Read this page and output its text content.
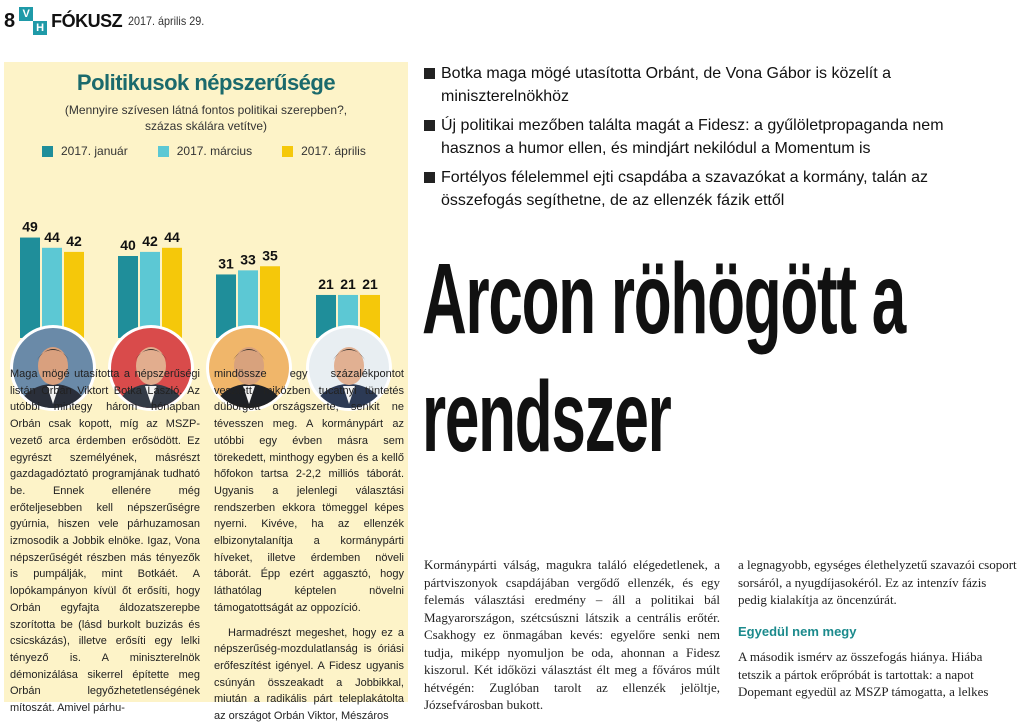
8 V
H FÓKUSZ 2017. április 29.
Politikusok népszerűsége
(Mennyire szívesen látná fontos politikai szerepben?,
százas skálára vetítve)
2017. január	2017. március	2017. április
49
44 42	40 42 44
31 33 35
21 21 21

Maga mögé utasította a népszerűségi listán Orbán Viktort Botka László. Az utóbbi mintegy három hónapban Orbán csak kopott, míg az MSZP-vezető arca érdemben erősödött. Ez egyrészt személyének, másrészt gazdagadóztató programjának tudható be. Ennek ellenére még erőteljesebben kell népszerűségre gyúrnia, hiszen vele párhuzamosan izmosodik a Jobbik elnöke. Igaz, Vona népszerűségét részben más tényezők is pumpálják, mint Botkáét. A lopókampányon kívül őt erősíti, hogy Orbán egyfajta áldozatszerepbe szorította be (lásd burkolt buzizás és csicskázás), illetve erősíti egy lelki tényező is. A miniszterelnök démonizálása sikerrel építette meg Orbán legyőzhetetlenségének mítoszát. Amivel párhu-

mindössze egy százalékpontot vesztett, miközben tucatnyi tüntetés dübörgött országszerte, senkit ne tévesszen meg. A kormánypárt az utóbbi egy évben másra sem törekedett, minthogy egyben és a kellő hőfokon tartsa 2-2,2 milliós táborát. Ugyanis a jelenlegi választási rendszerben ekkora tömeggel képes nyerni. Kivéve, ha az ellenzék elbizonytalanítja a kormánypárti híveket, illetve érdemben növeli táborát. Épp ezért aggasztó, hogy láthatólag képtelen növelni támogatottságát az oppozíció.

Harmadrészt megeshet, hogy ez a népszerűség-mozdulatlanság is óriási erőfeszítést igényel. A Fidesz ugyanis csúnyán összeakadt a Jobbikkal, miután a radikális párt teleplakátolta az országot Orbán Viktor, Mészáros

Botka maga mögé utasította Orbánt, de Vona Gábor is közelít a miniszterelnökhöz
Új politikai mezőben találta magát a Fidesz: a gyűlöletpropaganda nem hasznos a humor ellen, és mindjárt nekilódul a Momentum is
Fortélyos félelemmel ejti csapdába a szavazókat a kormány, talán az összefogás segíthetne, de az ellenzék fázik ettől
Arcon röhögött a
rendszer
Kormánypárti válság, magukra találó elégedetlenek, a pártviszonyok csapdájában vergődő ellenzék, és egy felemás választási eredmény – áll a politikai bál Magyarországon, szétcsúszni látszik a centrális erőtér. Csakhogy ez önmagában kevés: egyelőre senki nem tudja, miképp nyomuljon be oda, ahonnan a Fidesz kiszorul. Két időközi választást élt meg a főváros múlt hétvégén: Zuglóban tarolt az ellenzék jelöltje, Józsefvárosban bukott.
a legnagyobb, egységes élethelyzetű szavazói csoport sorsáról, a nyugdíjasokéról. Ez az intenzív fázis pedig kialakítja az öncenzúrát.
Egyedül nem megy
A második ismérv az összefogás hiánya. Hiába tetszik a pártok erőpróbát is tartottak: a napot Dopemant egyedül az MSZP támogatta, a lelkes
